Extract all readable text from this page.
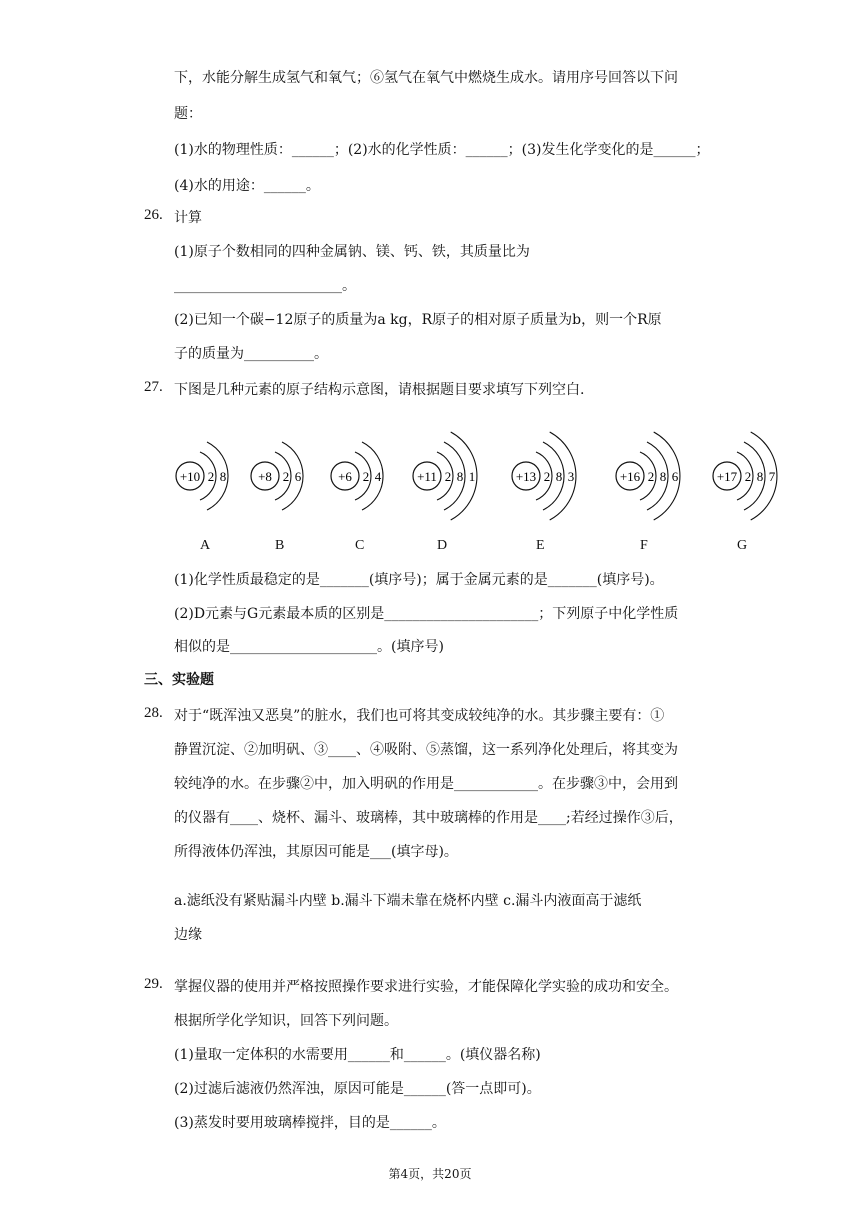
下，水能分解生成氢气和氧气；⑥氢气在氧气中燃烧生成水。请用序号回答以下问
题：
(1)水的物理性质：______；(2)水的化学性质：______；(3)发生化学变化的是______；
(4)水的用途：______。
26. 计算
(1)原子个数相同的四种金属钠、镁、钙、铁，其质量比为
________________________。
(2)已知一个碳−12原子的质量为a kg，R原子的相对原子质量为b，则一个R原
子的质量为__________。
27. 下图是几种元素的原子结构示意图，请根据题目要求填写下列空白.
+10 2 8
A
+8 2 6
B
+6 2 4
C
+11 2 8 1
D
+13 2 8 3
E
+16 2 8 6
F
+17 2 8 7
G
(1)化学性质最稳定的是_______(填序号)；属于金属元素的是_______(填序号)。
(2)D元素与G元素最本质的区别是______________________；下列原子中化学性质
相似的是_____________________。(填序号)
三、实验题
28. 对于“既浑浊又恶臭”的脏水，我们也可将其变成较纯净的水。其步骤主要有：①
静置沉淀、②加明矾、③____、④吸附、⑤蒸馏，这一系列净化处理后，将其变为
较纯净的水。在步骤②中，加入明矾的作用是____________。在步骤③中，会用到
的仪器有____、烧杯、漏斗、玻璃棒，其中玻璃棒的作用是____;若经过操作③后，
所得液体仍浑浊，其原因可能是___(填字母)。
a.滤纸没有紧贴漏斗内壁 b.漏斗下端未靠在烧杯内壁 c.漏斗内液面高于滤纸
边缘
29. 掌握仪器的使用并严格按照操作要求进行实验，才能保障化学实验的成功和安全。
根据所学化学知识，回答下列问题。
(1)量取一定体积的水需要用______和______。(填仪器名称)
(2)过滤后滤液仍然浑浊，原因可能是______(答一点即可)。
(3)蒸发时要用玻璃棒搅拌，目的是______。
第4页，共20页
